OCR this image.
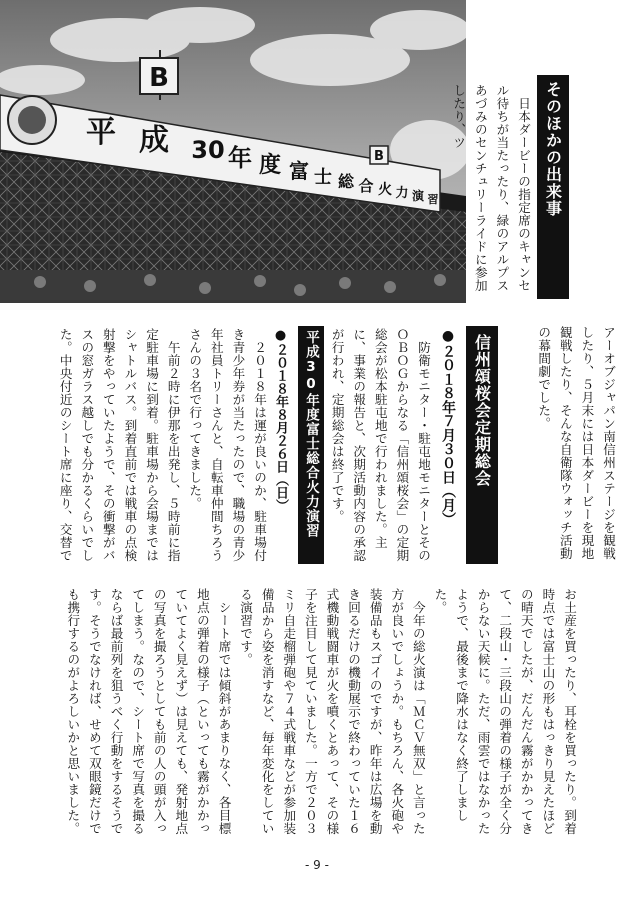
平 成 30 年 度 富 士 総 合 火 力 演 習
B
B	そのほかの出来事

日本ダービーの指定席のキャンセル待ちが当たったり、緑のアルプスあづみのセンチュリーライドに参加したり、ツ

アーオブジャパン南信州ステージを観戦したり、５月末には日本ダービーを現地観戦したり、そんな自衛隊ウォッチ活動の幕間劇でした。

信州頌桜会定期総会
●２０１８年７月３０日（月）

防衛モニター・駐屯地モニターとそのＯＢＯＧからなる「信州頌桜会」の定期総会が松本駐屯地で行われました。主に、事業の報告と、次期活動内容の承認が行われ、定期総会は終了です。

平成30年度富士総合火力演習
●２０１８年８月２６日（日）

２０１８年は運が良いのか、駐車場付き青少年券が当たったので、職場の青少年社員トリーさんと、自転車仲間ちろうさんの３名で行ってきました。

午前２時に伊那を出発し、５時前に指定駐車場に到着。駐車場から会場まではシャトルバス。到着直前では戦車の点検射撃をやっていたようで、その衝撃がバスの窓ガラス越しでも分かるくらいでした。中央付近のシート席に座り、交替で

お土産を買ったり、耳栓を買ったり。到着時点では富士山の形もはっきり見えたほどの晴天でしたが、だんだん霧がかかってきて、二段山・三段山の弾着の様子が全く分からない天候に。ただ、雨雲ではなかったようで、最後まで降水はなく終了しました。

今年の総火演は「ＭＣＶ無双」と言った方が良いでしょうか。もちろん、各火砲や装備品もスゴイのですが、昨年は広場を動き回るだけの機動展示で終わっていた１６式機動戦闘車が火を噴くとあって、その様子を注目して見ていました。一方で２０３ミリ自走榴弾砲や７４式戦車などが参加装備品から姿を消すなど、毎年変化をしている演習です。

シート席では傾斜があまりなく、各目標地点の弾着の様子（といっても霧がかかっていてよく見えず）は見えても、発射地点の写真を撮ろうとしても前の人の頭が入ってしまう。なので、シート席で写真を撮るならば最前列を狙うべく行動をするそうです。そうでなければ、せめて双眼鏡だけでも携行するのがよろしいかと思いました。

- 9 -
